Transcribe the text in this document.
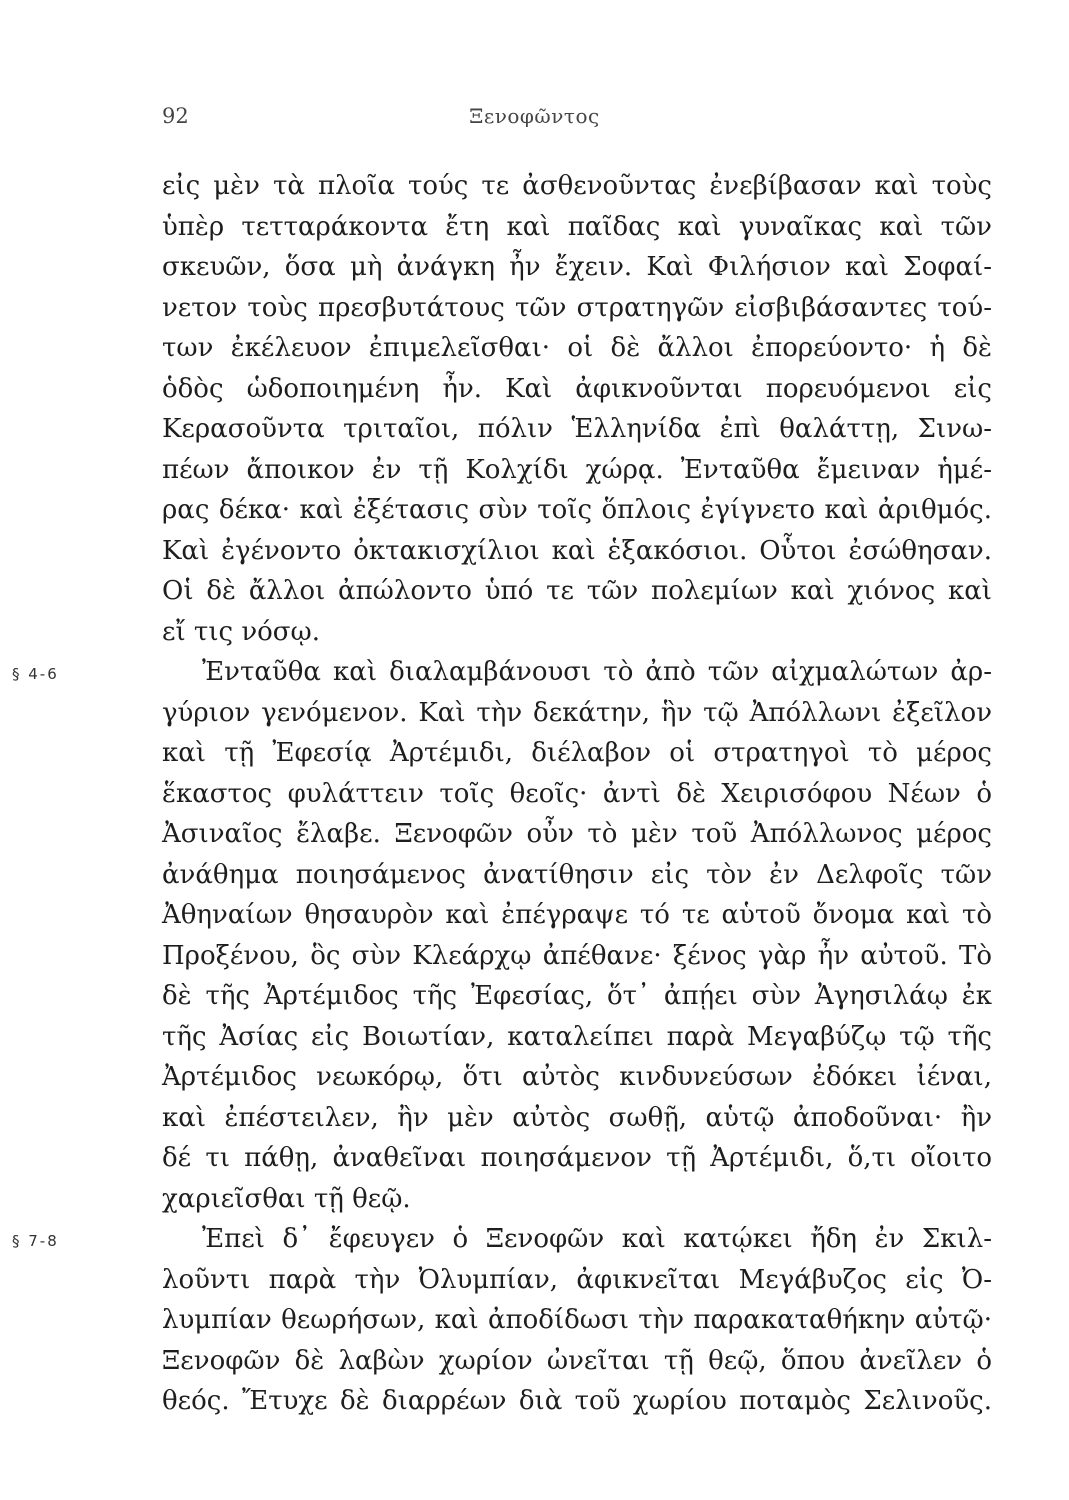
92	Ξενοφῶντος
εἰς μὲν τὰ πλοῖα τούς τε ἀσθενοῦντας ἐνεβίβασαν καὶ τοὺς
ὑπὲρ τετταράκοντα ἔτη καὶ παῖδας καὶ γυναῖκας καὶ τῶν
σκευῶν, ὅσα μὴ ἀνάγκη ἦν ἔχειν. Καὶ Φιλήσιον καὶ Σοφαί-
νετον τοὺς πρεσβυτάτους τῶν στρατηγῶν εἰσβιβάσαντες τού-
των ἐκέλευον ἐπιμελεῖσθαι· οἱ δὲ ἄλλοι ἐπορεύοντο· ἡ δὲ
ὁδὸς ὡδοποιημένη ἦν. Καὶ ἀφικνοῦνται πορευόμενοι εἰς
Κερασοῦντα τριταῖοι, πόλιν Ἑλληνίδα ἐπὶ θαλάττῃ, Σινω-
πέων ἄποικον ἐν τῇ Κολχίδι χώρᾳ. Ἐνταῦθα ἔμειναν ἡμέ-
ρας δέκα· καὶ ἐξέτασις σὺν τοῖς ὅπλοις ἐγίγνετο καὶ ἀριθμός.
Καὶ ἐγένοντο ὀκτακισχίλιοι καὶ ἑξακόσιοι. Οὗτοι ἐσώθησαν.
Οἱ δὲ ἄλλοι ἀπώλοντο ὑπό τε τῶν πολεμίων καὶ χιόνος καὶ
εἴ τις νόσῳ.
§ 4-6	Ἐνταῦθα καὶ διαλαμβάνουσι τὸ ἀπὸ τῶν αἰχμαλώτων ἀρ-
γύριον γενόμενον. Καὶ τὴν δεκάτην, ἣν τῷ Ἀπόλλωνι ἐξεῖλον
καὶ τῇ Ἐφεσίᾳ Ἀρτέμιδι, διέλαβον οἱ στρατηγοὶ τὸ μέρος
ἕκαστος φυλάττειν τοῖς θεοῖς· ἀντὶ δὲ Χειρισόφου Νέων ὁ
Ἀσιναῖος ἔλαβε. Ξενοφῶν οὖν τὸ μὲν τοῦ Ἀπόλλωνος μέρος
ἀνάθημα ποιησάμενος ἀνατίθησιν εἰς τὸν ἐν Δελφοῖς τῶν
Ἀθηναίων θησαυρὸν καὶ ἐπέγραψε τό τε αὑτοῦ ὄνομα καὶ τὸ
Προξένου, ὃς σὺν Κλεάρχῳ ἀπέθανε· ξένος γὰρ ἦν αὐτοῦ. Τὸ
δὲ τῆς Ἀρτέμιδος τῆς Ἐφεσίας, ὅτ᾽ ἀπῄει σὺν Ἀγησιλάῳ ἐκ
τῆς Ἀσίας εἰς Βοιωτίαν, καταλείπει παρὰ Μεγαβύζῳ τῷ τῆς
Ἀρτέμιδος νεωκόρῳ, ὅτι αὐτὸς κινδυνεύσων ἐδόκει ἰέναι,
καὶ ἐπέστειλεν, ἢν μὲν αὐτὸς σωθῇ, αὑτῷ ἀποδοῦναι· ἢν
δέ τι πάθῃ, ἀναθεῖναι ποιησάμενον τῇ Ἀρτέμιδι, ὅ,τι οἴοιτο
χαριεῖσθαι τῇ θεῷ.
§ 7-8	Ἐπεὶ δ᾽ ἔφευγεν ὁ Ξενοφῶν καὶ κατῴκει ἤδη ἐν Σκιλ-
λοῦντι παρὰ τὴν Ὀλυμπίαν, ἀφικνεῖται Μεγάβυζος εἰς Ὀ-
λυμπίαν θεωρήσων, καὶ ἀποδίδωσι τὴν παρακαταθήκην αὐτῷ·
Ξενοφῶν δὲ λαβὼν χωρίον ὠνεῖται τῇ θεῷ, ὅπου ἀνεῖλεν ὁ
θεός. Ἔτυχε δὲ διαρρέων διὰ τοῦ χωρίου ποταμὸς Σελινοῦς.
